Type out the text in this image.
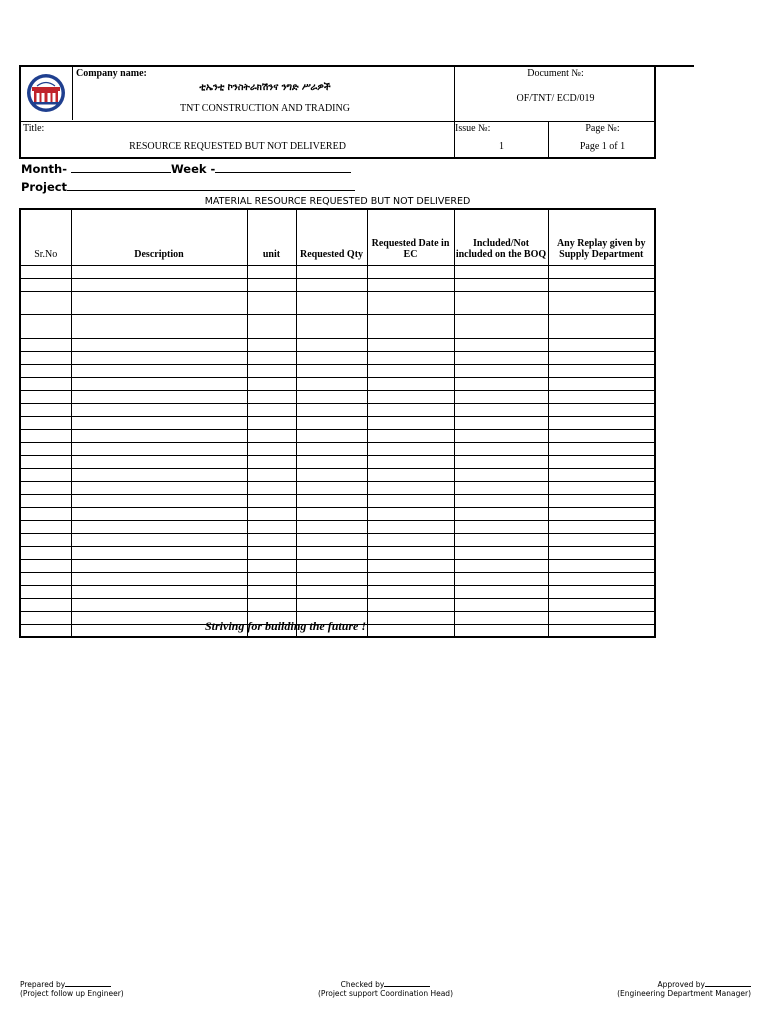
Company name:
ቲኤንቲ ኮንስትራክሽንና ንግድ ሥራዎች
TNT CONSTRUCTION AND TRADING
Document №:
OF/TNT/ ECD/019
Title:
RESOURCE REQUESTED BUT NOT DELIVERED
Issue №:
1
Page №:
Page 1 of 1
Month-	Week -
Project
MATERIAL RESOURCE REQUESTED BUT NOT DELIVERED
Sr.No	Description	unit	Requested Qty	Requested Date in EC	Included/Not included on the BOQ	Any Replay given by Supply Department

Striving for building the future !
Prepared by
(Project follow up Engineer)
Checked by
(Project support Coordination Head)
Approved by
(Engineering Department Manager)
